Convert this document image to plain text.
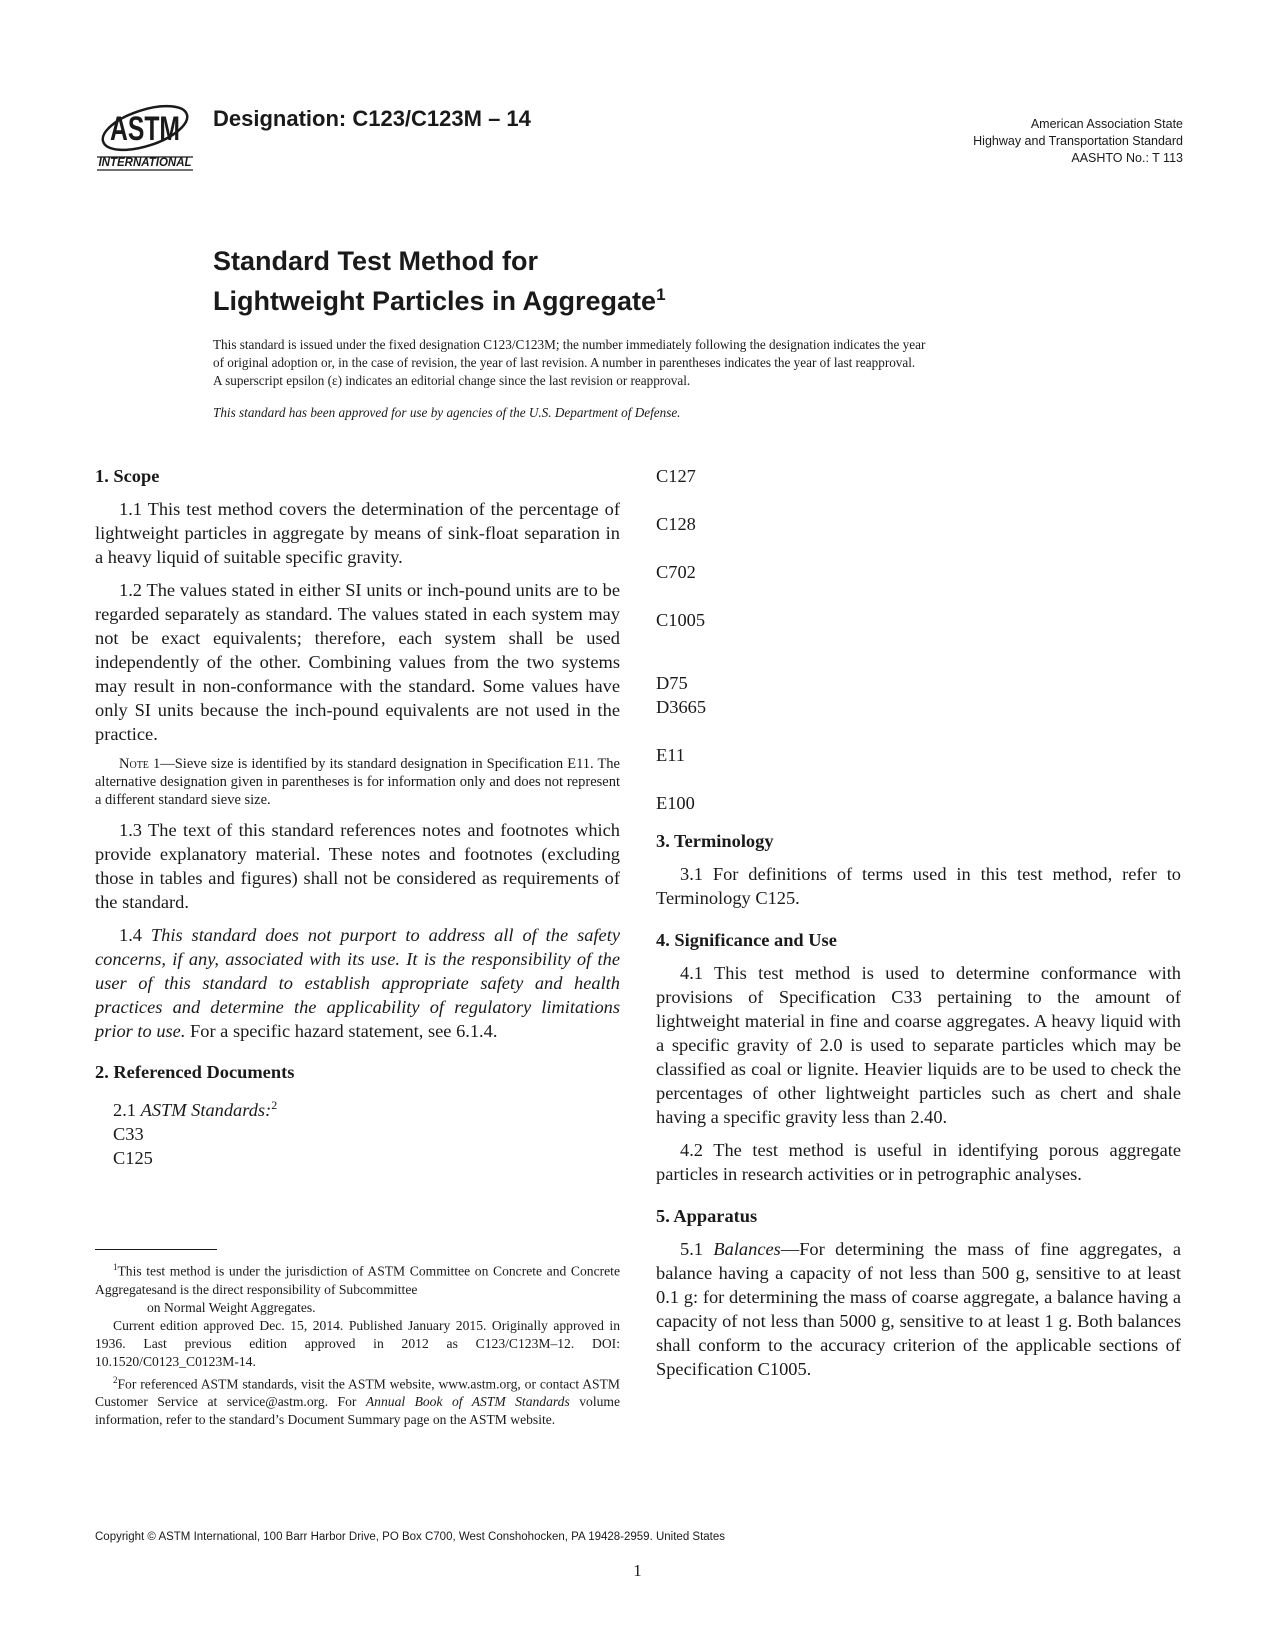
ASTM
INTERNATIONAL
Designation: C123/C123M – 14	American Association State
Highway and Transportation Standard
AASHTO No.: T 113
Standard Test Method for
Lightweight Particles in Aggregate$^1$

This standard is issued under the fixed designation C123/C123M; the number immediately following the designation indicates the year

of original adoption or, in the case of revision, the year of last revision. A number in parentheses indicates the year of last reapproval.

A superscript epsilon (ε) indicates an editorial change since the last revision or reapproval.

This standard has been approved for use by agencies of the U.S. Department of Defense.
1. Scope

1.1 This test method covers the determination of the percentage of lightweight particles in aggregate by means of sink-float separation in a heavy liquid of suitable specific gravity.

1.2 The values stated in either SI units or inch-pound units are to be regarded separately as standard. The values stated in each system may not be exact equivalents; therefore, each system shall be used independently of the other. Combining values from the two systems may result in non-conformance with the standard. Some values have only SI units because the inch-pound equivalents are not used in the practice.

Note 1—Sieve size is identified by its standard designation in Specification E11. The alternative designation given in parentheses is for information only and does not represent a different standard sieve size.

1.3 The text of this standard references notes and footnotes which provide explanatory material. These notes and footnotes (excluding those in tables and figures) shall not be considered as requirements of the standard.

1.4 This standard does not purport to address all of the safety concerns, if any, associated with its use. It is the responsibility of the user of this standard to establish appropriate safety and health practices and determine the applicability of regulatory limitations prior to use. For a specific hazard statement, see 6.1.4.

2. Referenced Documents
2.1 ASTM Standards:$^2$
C33
C125
C127
C128
C702
C1005
D75
D3665
E11
E100
3. Terminology

3.1 For definitions of terms used in this test method, refer to Terminology C125.

4. Significance and Use

4.1 This test method is used to determine conformance with provisions of Specification C33 pertaining to the amount of lightweight material in fine and coarse aggregates. A heavy liquid with a specific gravity of 2.0 is used to separate particles which may be classified as coal or lignite. Heavier liquids are to be used to check the percentages of other lightweight particles such as chert and shale having a specific gravity less than 2.40.

4.2 The test method is useful in identifying porous aggregate particles in research activities or in petrographic analyses.

5. Apparatus

5.1 Balances—For determining the mass of fine aggregates, a balance having a capacity of not less than 500 g, sensitive to at least 0.1 g: for determining the mass of coarse aggregate, a balance having a capacity of not less than 5000 g, sensitive to at least 1 g. Both balances shall conform to the accuracy criterion of the applicable sections of Specification C1005.

$^1$This test method is under the jurisdiction of ASTM Committee on Concrete and Concrete Aggregatesand is the direct responsibility of Subcommittee

on Normal Weight Aggregates.

Current edition approved Dec. 15, 2014. Published January 2015. Originally approved in 1936. Last previous edition approved in 2012 as C123/C123M–12. DOI: 10.1520/C0123_C0123M-14.

$^2$For referenced ASTM standards, visit the ASTM website, www.astm.org, or contact ASTM Customer Service at service@astm.org. For Annual Book of ASTM Standards volume information, refer to the standard’s Document Summary page on the ASTM website.

Copyright © ASTM International, 100 Barr Harbor Drive, PO Box C700, West Conshohocken, PA 19428-2959. United States
1
